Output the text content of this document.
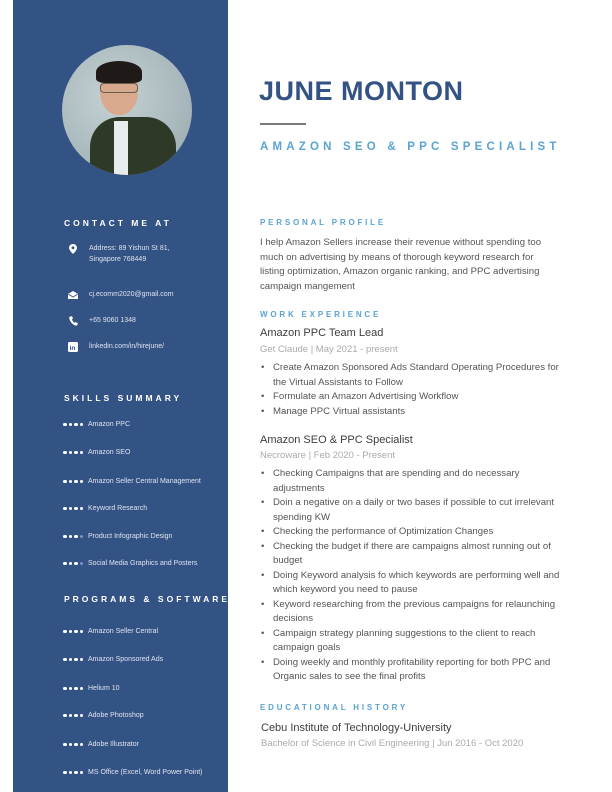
CONTACT ME AT
Address: 89 Yishun St 81,
Singapore 768449
cj.ecomm2020@gmail.com
+65 9060 1348
in linkedin.com/in/hirejune/
SKILLS SUMMARY
Amazon PPC
Amazon SEO
Amazon Seller Central Management
Keyword Research
Product Infographic Design
Social Media Graphics and Posters
PROGRAMS & SOFTWARES
Amazon Seller Central
Amazon Sponsored Ads
Helium 10
Adobe Photoshop
Adobe Illustrator
MS Office (Excel, Word Power Point)
JUNE MONTON
AMAZON SEO & PPC SPECIALIST
PERSONAL PROFILE
I help Amazon Sellers increase their revenue without spending too much on advertising by means of thorough keyword research for listing optimization, Amazon organic ranking, and PPC advertising campaign mangement
WORK EXPERIENCE
Amazon PPC Team Lead
Get Claude | May 2021 - present
• Create Amazon Sponsored Ads Standard Operating Procedures for the Virtual Assistants to Follow
• Formulate an Amazon Advertising Workflow
• Manage PPC Virtual assistants
Amazon SEO & PPC Specialist
Necroware | Feb 2020 - Present
• Checking Campaigns that are spending and do necessary adjustments
• Doin a negative on a daily or two bases if possible to cut irrelevant spending KW
• Checking the performance of Optimization Changes
• Checking the budget if there are campaigns almost running out of budget
• Doing Keyword analysis fo which keywords are performing well and which keyword you need to pause
• Keyword researching from the previous campaigns for relaunching decisions
• Campaign strategy planning suggestions to the client to reach campaign goals
• Doing weekly and monthly profitability reporting for both PPC and Organic sales to see the final profits
EDUCATIONAL HISTORY
Cebu Institute of Technology-University
Bachelor of Science in Civil Engineering | Jun 2016 - Oct 2020
